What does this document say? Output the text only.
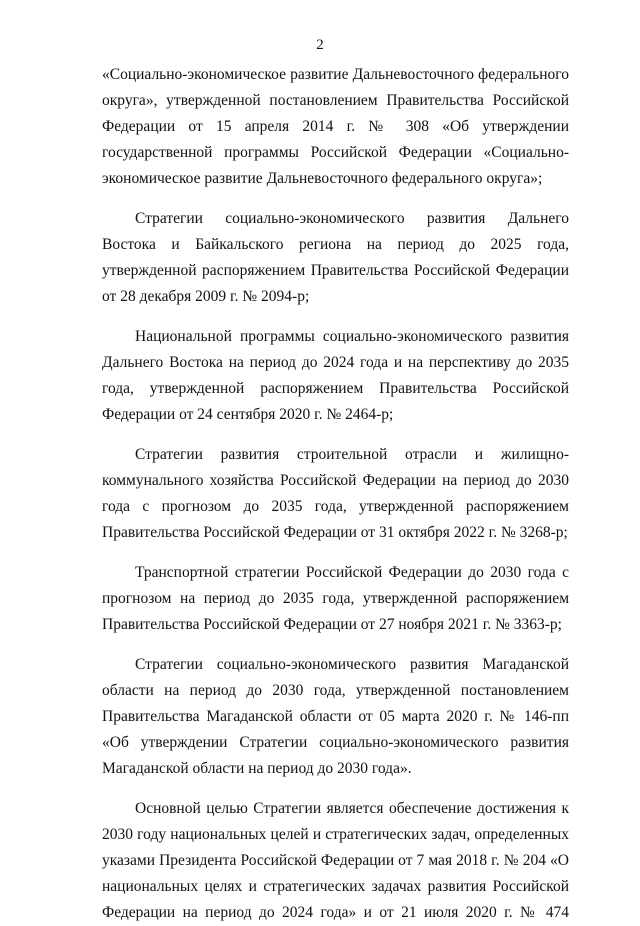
2

«Социально-экономическое развитие Дальневосточного федерального округа», утвержденной постановлением Правительства Российской Федерации от 15 апреля 2014 г. № 308 «Об утверждении государственной программы Российской Федерации «Социально-экономическое развитие Дальневосточного федерального округа»;

Стратегии социально-экономического развития Дальнего Востока и Байкальского региона на период до 2025 года, утвержденной распоряжением Правительства Российской Федерации от 28 декабря 2009 г. № 2094-р;

Национальной программы социально-экономического развития Дальнего Востока на период до 2024 года и на перспективу до 2035 года, утвержденной распоряжением Правительства Российской Федерации от 24 сентября 2020 г. № 2464-р;

Стратегии развития строительной отрасли и жилищно-коммунального хозяйства Российской Федерации на период до 2030 года с прогнозом до 2035 года, утвержденной распоряжением Правительства Российской Федерации от 31 октября 2022 г. № 3268-р;

Транспортной стратегии Российской Федерации до 2030 года с прогнозом на период до 2035 года, утвержденной распоряжением Правительства Российской Федерации от 27 ноября 2021 г. № 3363-р;

Стратегии социально-экономического развития Магаданской области на период до 2030 года, утвержденной постановлением Правительства Магаданской области от 05 марта 2020 г. № 146-пп «Об утверждении Стратегии социально-экономического развития Магаданской области на период до 2030 года».

Основной целью Стратегии является обеспечение достижения к 2030 году национальных целей и стратегических задач, определенных указами Президента Российской Федерации от 7 мая 2018 г. № 204 «О национальных целях и стратегических задачах развития Российской Федерации на период до 2024 года» и от 21 июля 2020 г. № 474
